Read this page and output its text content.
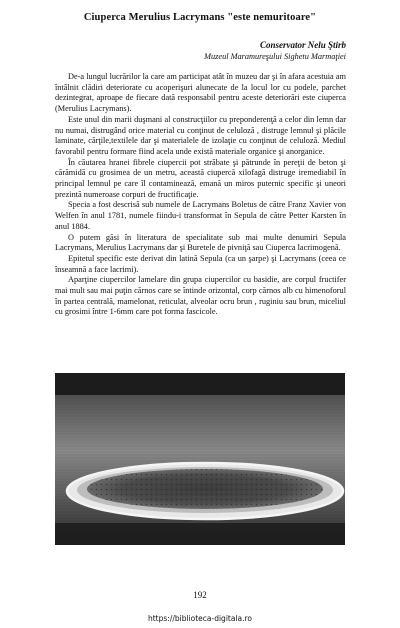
Ciuperca Merulius Lacrymans "este nemuritoare"
Conservator Nelu Ştirb
Muzeul Maramureşului Sighetu Marmaţiei

De-a lungul lucrărilor la care am participat atât în muzeu dar şi în afara acestuia am întâlnit clădiri deteriorate cu acoperişuri alunecate de la locul lor cu podele, parchet dezintegrat, aproape de fiecare dată responsabil pentru aceste deteriorări este ciuperca (Merulius Lacrymans).

Este unul din marii duşmani al construcţiilor cu preponderenţă a celor din lemn dar nu numai, distrugând orice material cu conţinut de celuloză , distruge lemnul şi plăcile laminate, cărţile,textilele dar şi materialele de izolaţie cu conţinut de celuloză. Mediul favorabil pentru formare fiind acela unde există materiale organice şi anorganice.

În căutarea hranei fibrele ciupercii pot străbate şi pătrunde în pereţii de beton şi cărămidă cu grosimea de un metru, această ciupercă xilofagă distruge iremediabil în principal lemnul pe care îl contaminează, emană un miros puternic specific şi uneori prezintă numeroase corpuri de fructificaţie.

Specia a fost descrisă sub numele de Lacrymans Boletus de către Franz Xavier von Welfen în anul 1781, numele fiindu-i transformat în Sepula de către Petter Karsten în anul 1884.

O putem găsi în literatura de specialitate sub mai multe denumiri Sepula Lacrymans, Merulius Lacrymans dar şi Buretele de pivniţă sau Ciuperca lacrimogenă.

Epitetul specific este derivat din latină Sepula (ca un şarpe) şi Lacrymans (ceea ce înseamnă a face lacrimi).

Aparţine ciupercilor lamelare din grupa ciupercilor cu basidie, are corpul fructifer mai mult sau mai puţin cărnos care se întinde orizontal, corp cărnos alb cu himenoforul în partea centrală, mamelonat, reticulat, alveolar ocru brun , ruginiu sau brun, miceliul cu grosimi între 1-6mm care pot forma fascicole.

192
https://biblioteca-digitala.ro
